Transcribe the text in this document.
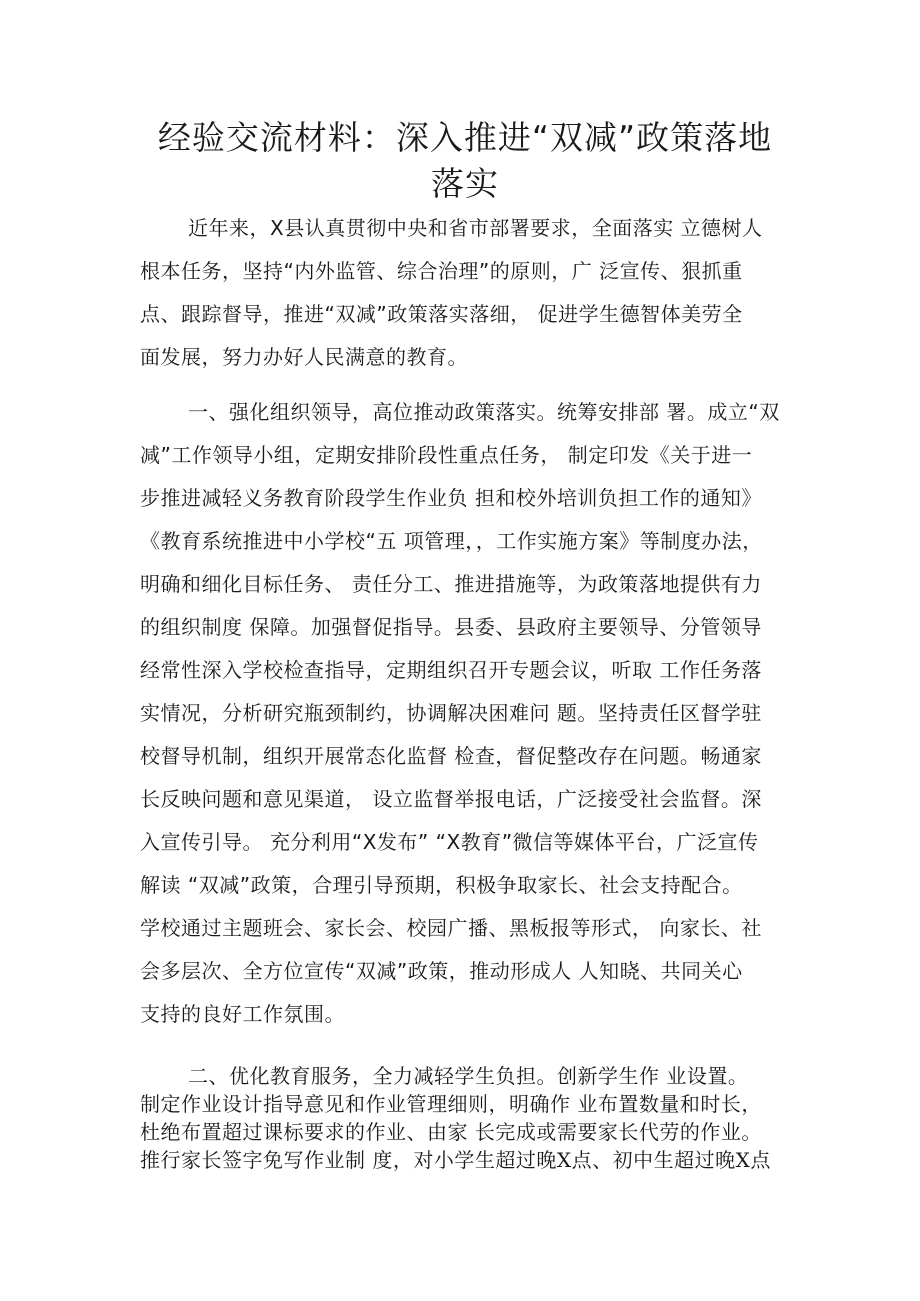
经验交流材料：深入推进“双减”政策落地
落实

近年来，X县认真贯彻中央和省市部署要求，全面落实 立德树人

根本任务，坚持“内外监管、综合治理”的原则，广 泛宣传、狠抓重

点、跟踪督导，推进“双减”政策落实落细， 促进学生德智体美劳全

面发展，努力办好人民满意的教育。

一、强化组织领导，高位推动政策落实。统筹安排部 署。成立“双

减”工作领导小组，定期安排阶段性重点任务， 制定印发《关于进一

步推进减轻义务教育阶段学生作业负 担和校外培训负担工作的通知》

《教育系统推进中小学校“五 项管理，，工作实施方案》等制度办法，

明确和细化目标任务、 责任分工、推进措施等，为政策落地提供有力

的组织制度 保障。加强督促指导。县委、县政府主要领导、分管领导

经常性深入学校检查指导，定期组织召开专题会议，听取 工作任务落

实情况，分析研究瓶颈制约，协调解决困难问 题。坚持责任区督学驻

校督导机制，组织开展常态化监督 检查，督促整改存在问题。畅通家

长反映问题和意见渠道， 设立监督举报电话，广泛接受社会监督。深

入宣传引导。 充分利用“X发布” “X教育”微信等媒体平台，广泛宣传

解读 “双减”政策，合理引导预期，积极争取家长、社会支持配合。

学校通过主题班会、家长会、校园广播、黑板报等形式， 向家长、社

会多层次、全方位宣传“双减”政策，推动形成人 人知晓、共同关心

支持的良好工作氛围。

二、优化教育服务，全力减轻学生负担。创新学生作 业设置。

制定作业设计指导意见和作业管理细则，明确作 业布置数量和时长，

杜绝布置超过课标要求的作业、由家 长完成或需要家长代劳的作业。

推行家长签字免写作业制 度，对小学生超过晚X点、初中生超过晚X点
